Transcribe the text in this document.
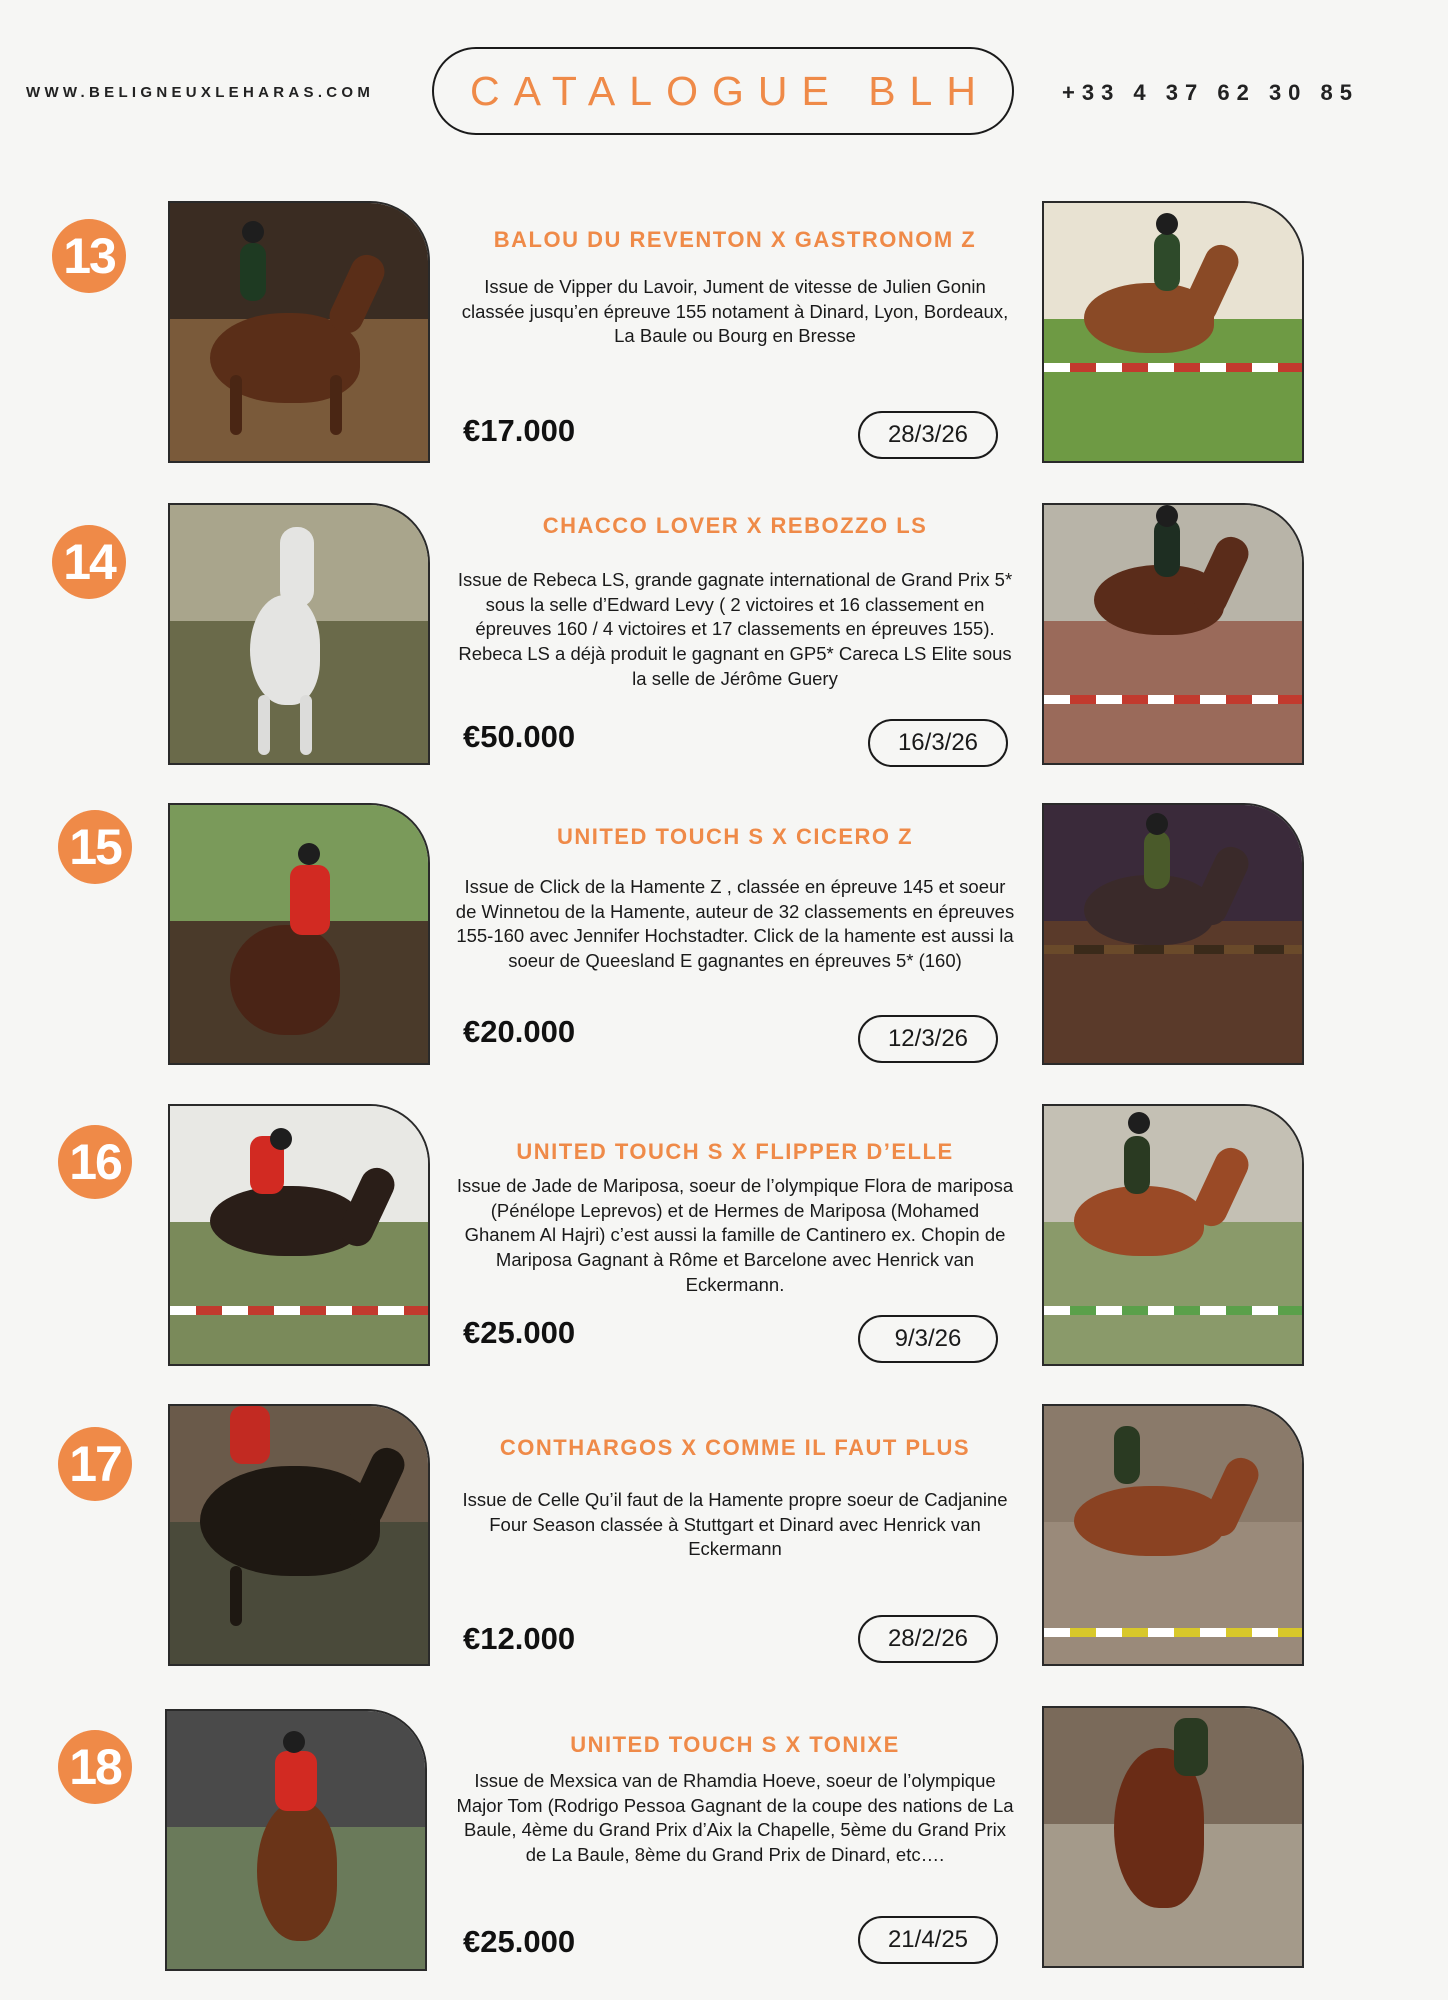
WWW.BELIGNEUXLEHARAS.COM	CATALOGUE BLH	+33 4 37 62 30 85
13	BALOU DU REVENTON X GASTRONOM Z
Issue de Vipper du Lavoir, Jument de vitesse de Julien Gonin classée jusqu’en épreuve 155 notament à Dinard, Lyon, Bordeaux, La Baule ou Bourg en Bresse
€17.000	28/3/26
14
CHACCO LOVER X REBOZZO LS
Issue de Rebeca LS, grande gagnate international de Grand Prix 5* sous la selle d’Edward Levy ( 2 victoires et 16 classement en épreuves 160 / 4 victoires et 17 classements en épreuves 155). Rebeca LS a déjà produit le gagnant en GP5* Careca LS Elite sous la selle de Jérôme Guery
€50.000	16/3/26
15	UNITED TOUCH S X CICERO Z
Issue de Click de la Hamente Z , classée en épreuve 145 et soeur de Winnetou de la Hamente, auteur de 32 classements en épreuves 155-160 avec Jennifer Hochstadter. Click de la hamente est aussi la soeur de Queesland E gagnantes en épreuves 5* (160)
€20.000	12/3/26
16	UNITED TOUCH S X FLIPPER D’ELLE
Issue de Jade de Mariposa, soeur de l’olympique Flora de mariposa (Pénélope Leprevos) et de Hermes de Mariposa (Mohamed Ghanem Al Hajri) c’est aussi la famille de Cantinero ex. Chopin de Mariposa Gagnant à Rôme et Barcelone avec Henrick van Eckermann.
€25.000	9/3/26
17	CONTHARGOS X COMME IL FAUT PLUS
Issue de Celle Qu’il faut de la Hamente propre soeur de Cadjanine Four Season classée à Stuttgart et Dinard avec Henrick van Eckermann
€12.000	28/2/26
18	UNITED TOUCH S X TONIXE
Issue de Mexsica van de Rhamdia Hoeve, soeur de l’olympique Major Tom (Rodrigo Pessoa Gagnant de la coupe des nations de La Baule, 4ème du Grand Prix d’Aix la Chapelle, 5ème du Grand Prix de La Baule, 8ème du Grand Prix de Dinard, etc….
€25.000	21/4/25
